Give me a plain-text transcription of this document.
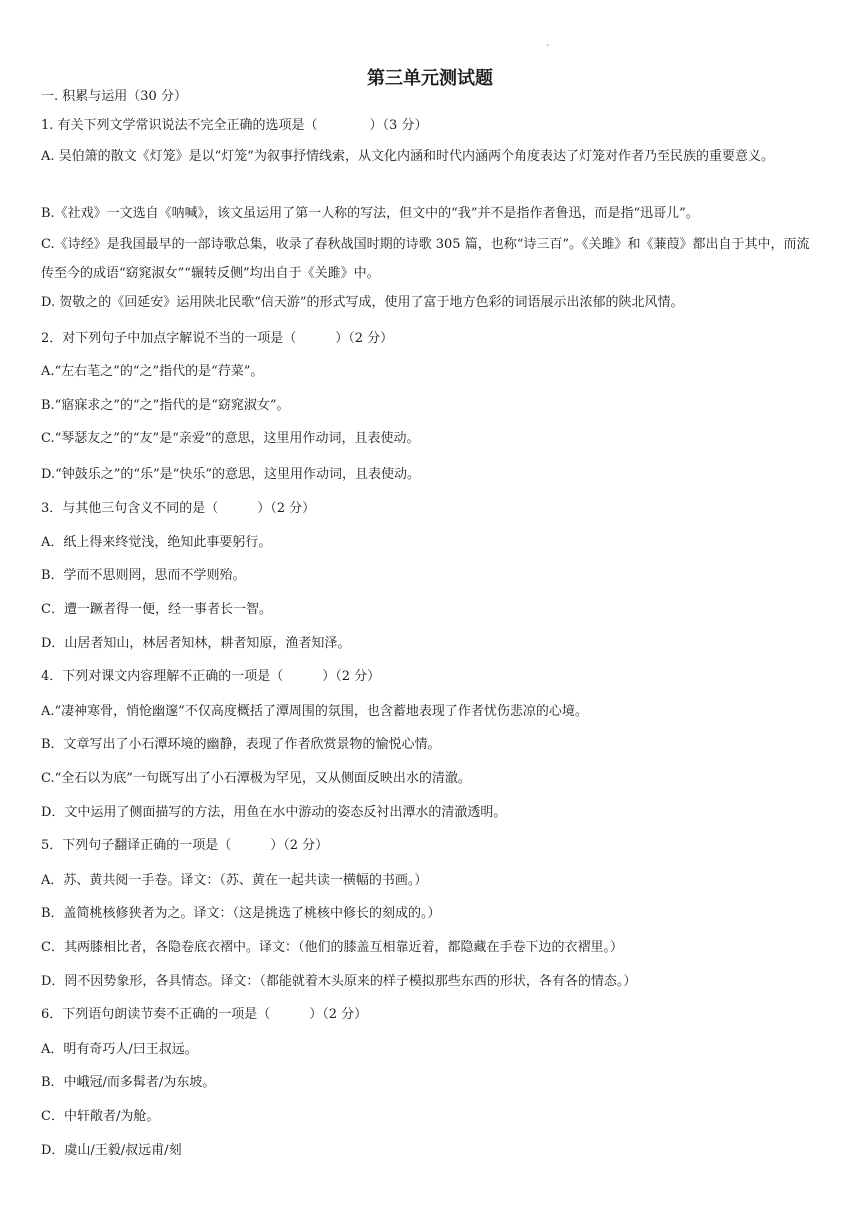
-
第三单元测试题
一. 积累与运用（30 分）
1. 有关下列文学常识说法不完全正确的选项是（　　　　）（3 分）
A. 吴伯箫的散文《灯笼》是以“灯笼”为叙事抒情线索，从文化内涵和时代内涵两个角度表达了灯笼对作者乃至民族的重要意义。
B.《社戏》一文选自《呐喊》，该文虽运用了第一人称的写法，但文中的“我”并不是指作者鲁迅，而是指“迅哥儿”。
C.《诗经》是我国最早的一部诗歌总集，收录了春秋战国时期的诗歌 305 篇，也称“诗三百”。《关雎》和《蒹葭》都出自于其中，而流传至今的成语“窈窕淑女”“辗转反侧”均出自于《关雎》中。
D. 贺敬之的《回延安》运用陕北民歌“信天游”的形式写成，使用了富于地方色彩的词语展示出浓郁的陕北风情。
2．对下列句子中加点字解说不当的一项是（　　　）（2 分）
A.“左右芼之”的“之”指代的是“荇菜”。
B.“寤寐求之”的“之”指代的是“窈窕淑女”。
C.“琴瑟友之”的“友”是“亲爱”的意思，这里用作动词，且表使动。
D.“钟鼓乐之”的“乐”是“快乐”的意思，这里用作动词，且表使动。
3．与其他三句含义不同的是（　　　）（2 分）
A．纸上得来终觉浅，绝知此事要躬行。
B．学而不思则罔，思而不学则殆。
C．遭一蹶者得一便，经一事者长一智。
D．山居者知山，林居者知林，耕者知原，渔者知泽。
4．下列对课文内容理解不正确的一项是（　　　）（2 分）
A.“凄神寒骨，悄怆幽邃”不仅高度概括了潭周围的氛围，也含蓄地表现了作者忧伤悲凉的心境。
B．文章写出了小石潭环境的幽静，表现了作者欣赏景物的愉悦心情。
C.“全石以为底”一句既写出了小石潭极为罕见，又从侧面反映出水的清澈。
D．文中运用了侧面描写的方法，用鱼在水中游动的姿态反衬出潭水的清澈透明。
5．下列句子翻译正确的一项是（　　　）（2 分）
A．苏、黄共阅一手卷。译文：（苏、黄在一起共读一横幅的书画。）
B．盖简桃核修狭者为之。译文：（这是挑选了桃核中修长的刻成的。）
C．其两膝相比者，各隐卷底衣褶中。译文：（他们的膝盖互相靠近着，都隐藏在手卷下边的衣褶里。）
D．罔不因势象形，各具情态。译文：（都能就着木头原来的样子模拟那些东西的形状，各有各的情态。）
6．下列语句朗读节奏不正确的一项是（　　　）（2 分）
A．明有奇巧人/曰王叔远。
B．中峨冠/而多髯者/为东坡。
C．中轩敞者/为舱。
D．虞山/王毅/叔远甫/刻
